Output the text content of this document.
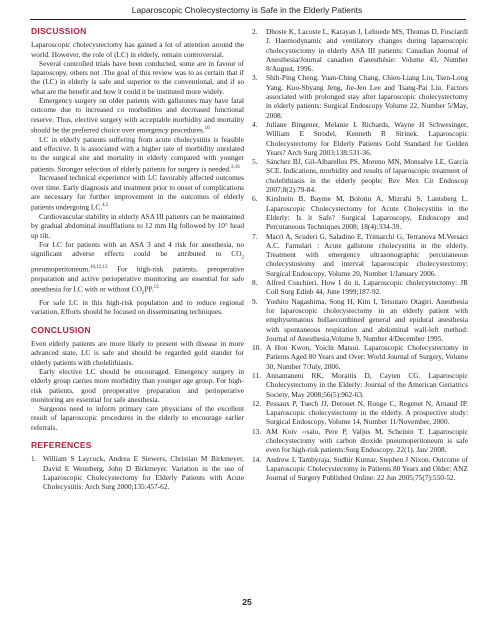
Laparoscopic Cholecystectomy is Safe in the Elderly Patients
DISCUSSION

Laparoscopic cholecystectomy has gained a lot of attention around the world. However, the role of (LC) in elderly, remain controversial.

Several controlled trials have been conducted, some are in favour of laparoscopy, others not .The goal of this review was to as certain that if the (LC) in elderly is safe and superior to the conventional, and if so what are the benefit and how it could it be instituted more widely.

Emergency surgery on older patients with gallstones may have fatal outcome due to increased co morbidities and decreased functional reserve. Thus, elective surgery with acceptable morbidity and mortality should be the preferred choice over emergency procedures.$^{16}$

LC in elderly patients suffering from acute cholecystitis is feasible and effective. It is associated with a higher rate of morbidity unrelated to the surgical site and mortality in elderly compared with younger patients. Stronger selection of elderly patients for surgery is needed.$^{3,16}$

Increased technical experience with LC favorably affected outcomes over time. Early diagnosis and treatment prior to onset of complications are necessary for further improvement in the outcomes of elderly patients undergoing LC.$^{4,5}$

Cardiovascular stability in elderly ASA III patients can be maintained by gradual abdominal insufflations to 12 mm Hg followed by 10° head up tilt.

For LC for patients with an ASA 3 and 4 risk for anesthesia, no significant adverse effects could be attributed to $CO_2$ pneumoperitoneum.$^{10,12,13}$ For high-risk patients, preoperative preparation and active perioperative monitoring are essential for safe anesthesia for LC with or without $CO_2PP.^{13}$

For safe LC in this high-risk population and to reduce regional variation, Efforts should be focused on disseminating techniques.

CONCLUSION

Even elderly patients are more likely to present with disease in more advanced state, LC is safe and should be regarded gold stander for elderly patients with cholelithiasis.

Early elective LC should be encouraged. Emergency surgery in elderly group carries more morbidity than younger age group. For high-risk patients, good preoperative preparation and perioperative monitoring are essential for safe anesthesia.

Surgeons need to inform primary care physicians of the excellent result of laparoscopic procedures in the elderly to encourage earlier referrals.

REFERENCES
1. William S Laycock, Andrea E Siewers, Christian M Birkmeyer, David E Wennberg, John D Birkmeyer. Variation in the use of Laparoscopic Cholecystectomy for Elderly Patients with Acute Cholecystitis: Arch Surg 2000;135:457-62.
2. Dhoste K, Lacoste L, Karayan J, Lehuede MS, Thomas D, Fusciardi J. Haemodynamic and ventilatory changes during laparoscopic cholecystectomy in elderly ASA III patients: Canadian Journal of Anesthesia/Journal canadien d'anesthésie: Volume 43, Number 8/August, 1996.
3. Shih-Ping Cheng, Yuan-Ching Chang, Chien-Liang Liu, Tsen-Long Yang, Kuo-Shyang Jeng, Jie-Jen Lee and Tsang-Pai Liu. Factors associated with prolonged stay after laparoscopic cholecystectomy in elderly patients: Surgical Endoscopy Volume 22, Number 5/May, 2008.
4. Juliane Bingener, Melanie L Richards, Wayne H Schwesinger, William E Strodel, Kenneth R Sirinek. Laparoscopic Cholecystectomy for Elderly Patients Gold Standard for Golden Years? Arch Surg 2003;138:531-36.
5. Sánchez BJ, Gil-Albarellos PS, Moreno MN, Monsalve LE, García SCE. Indications, morbidity and results of laparoscopic treatment of cholelithiasis in the elderly people: Rev Mex Cir Endoscop 2007;8(2):79-84.
6. Kirshtein B, Bayme M, Bolotin A, Mizrahi S, Lantsberg L. Laparoscopic Cholecystectomy for Acute Cholecystitis in the Elderly: Is it Safe? Surgical Laparoscopy, Endoscopy and Percutaneous Techniques 2008; 18(4):334-39.
7. Macrì A, Scuderi G, Saladino E, Trimarchi G, Terranova M.Versaci A.C. Famulari : Acute gallstone cholecystitis in the elderly. Treatment with emergency ultrasonographic percutaneous cholecystostomy and interval laparoscopic cholecystectomy: Surgical Endoscopy, Volume 20, Number 1/January 2006.
8. Alfred Cuschieri. How I do it, Laparoscopic cholecystectomy: JR Coll Surg Edinb 44, June 1999;187-92.
9. Yoshito Nagashima, Song H, Kim I, Tetsutaro Otagiri. Anesthesia for laparoscopic cholecystectomy in an elderly patient with emphysematous bullaecombined general and epidural anesthesia with spontaneous respiration and abdominal wall-left method: Journal of Anesthesia,Volume 9, Number 4/December 1995.
10. A Hon Kwon, Yoichi Matsui. Laparoscopic Cholecystectomy in Patients Aged 80 Years and Over: World Journal of Surgery, Volume 30, Number 7/July, 2006.
11. Annamaneni RK, Moraitis D, Cayten CG. Laparoscopic Cholecystectomy in the Elderly: Journal of the American Geriatrics Society, May 2008;56(5):962-63.
12. Pessaux P, Tuech JJ, Derouet N, Rouge C, Regenet N, Arnaud JP. Laparoscopic cholecystectomy in the elderly. A prospective study: Surgical Endoscopy, Volume 14, Number 11/November, 2000.
13. AM Koiv ‹‹salo, Pere P, Valjus M, Scheinin T. Laparoscopic cholecystectomy with carbon dioxide pneumoperitoneum is safe even for high-risk patients:Surg Endoscopy, 22(1), Jan/ 2008.
14. Andrew L Tambyraja, Sudhir Kumar, Stephen J Nixon. Outcome of Laparoscopic Cholecystectomy in Patients 80 Years and Older: ANZ Journal of Surgery Published Online: 22 Jun 2005;75(7):550-52.
25
